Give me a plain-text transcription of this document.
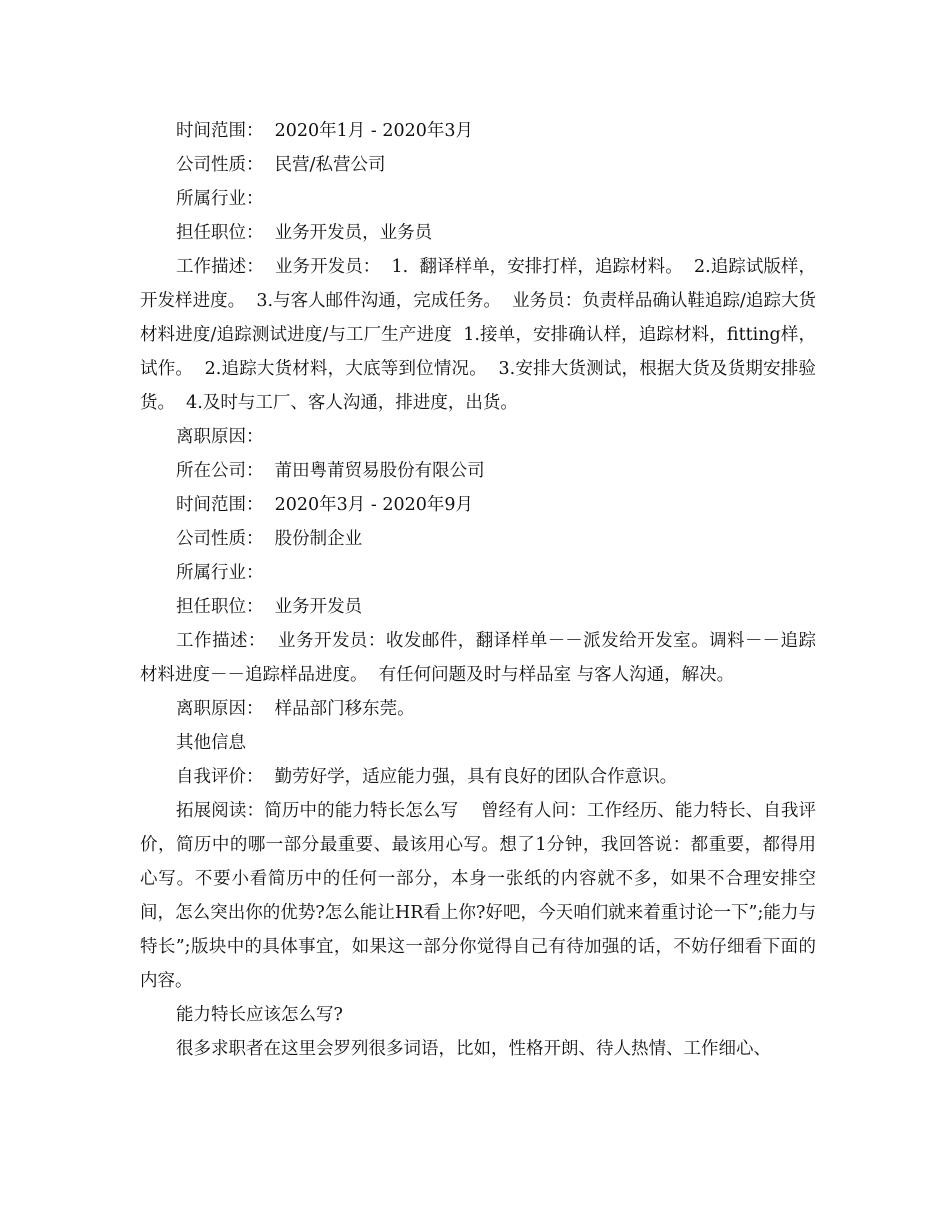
时间范围：  2020年1月 - 2020年3月

公司性质：  民营/私营公司

所属行业：

担任职位：  业务开发员，业务员

工作描述：  业务开发员：  1.  翻译样单，安排打样，追踪材料。  2.追踪试版样，开发样进度。  3.与客人邮件沟通，完成任务。  业务员：负责样品确认鞋追踪/追踪大货材料进度/追踪测试进度/与工厂生产进度  1.接单，安排确认样，追踪材料，fitting样，试作。  2.追踪大货材料，大底等到位情况。  3.安排大货测试，根据大货及货期安排验货。  4.及时与工厂、客人沟通，排进度，出货。

离职原因：

所在公司：  莆田粤莆贸易股份有限公司

时间范围：  2020年3月 - 2020年9月

公司性质：  股份制企业

所属行业：

担任职位：  业务开发员

工作描述：  业务开发员：收发邮件，翻译样单－－派发给开发室。调料－－追踪材料进度－－追踪样品进度。  有任何问题及时与样品室 与客人沟通，解决。

离职原因：  样品部门移东莞。

其他信息

自我评价：  勤劳好学，适应能力强，具有良好的团队合作意识。

拓展阅读：简历中的能力特长怎么写    曾经有人问：工作经历、能力特长、自我评价，简历中的哪一部分最重要、最该用心写。想了1分钟，我回答说：都重要，都得用心写。不要小看简历中的任何一部分，本身一张纸的内容就不多，如果不合理安排空间，怎么突出你的优势?怎么能让HR看上你?好吧，今天咱们就来着重讨论一下”;能力与特长”;版块中的具体事宜，如果这一部分你觉得自己有待加强的话，不妨仔细看下面的内容。

能力特长应该怎么写?

很多求职者在这里会罗列很多词语，比如，性格开朗、待人热情、工作细心、
